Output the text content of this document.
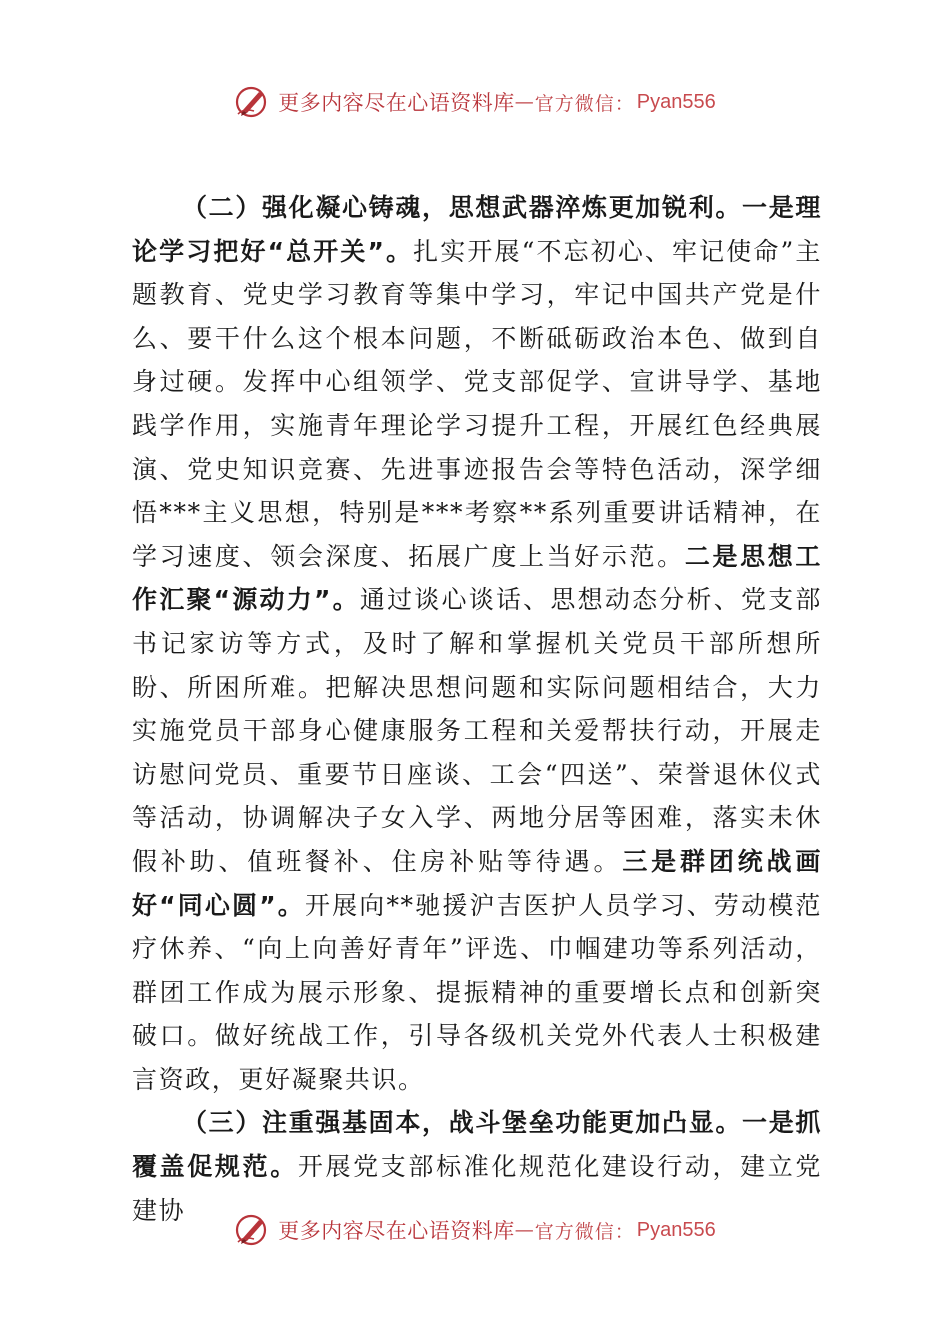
更多内容尽在心语资料库 — 官方微信： Pyan556

（二）强化凝心铸魂，思想武器淬炼更加锐利。一是理论学习把好“总开关”。扎实开展“不忘初心、牢记使命”主题教育、党史学习教育等集中学习，牢记中国共产党是什么、要干什么这个根本问题，不断砥砺政治本色、做到自身过硬。发挥中心组领学、党支部促学、宣讲导学、基地践学作用，实施青年理论学习提升工程，开展红色经典展演、党史知识竞赛、先进事迹报告会等特色活动，深学细悟***主义思想，特别是***考察**系列重要讲话精神，在学习速度、领会深度、拓展广度上当好示范。二是思想工作汇聚“源动力”。通过谈心谈话、思想动态分析、党支部书记家访等方式，及时了解和掌握机关党员干部所想所盼、所困所难。把解决思想问题和实际问题相结合，大力实施党员干部身心健康服务工程和关爱帮扶行动，开展走访慰问党员、重要节日座谈、工会“四送”、荣誉退休仪式等活动，协调解决子女入学、两地分居等困难，落实未休假补助、值班餐补、住房补贴等待遇。三是群团统战画好“同心圆”。开展向**驰援沪吉医护人员学习、劳动模范疗休养、“向上向善好青年”评选、巾帼建功等系列活动，群团工作成为展示形象、提振精神的重要增长点和创新突破口。做好统战工作，引导各级机关党外代表人士积极建言资政，更好凝聚共识。

（三）注重强基固本，战斗堡垒功能更加凸显。一是抓覆盖促规范。开展党支部标准化规范化建设行动，建立党建协

更多内容尽在心语资料库 — 官方微信： Pyan556
